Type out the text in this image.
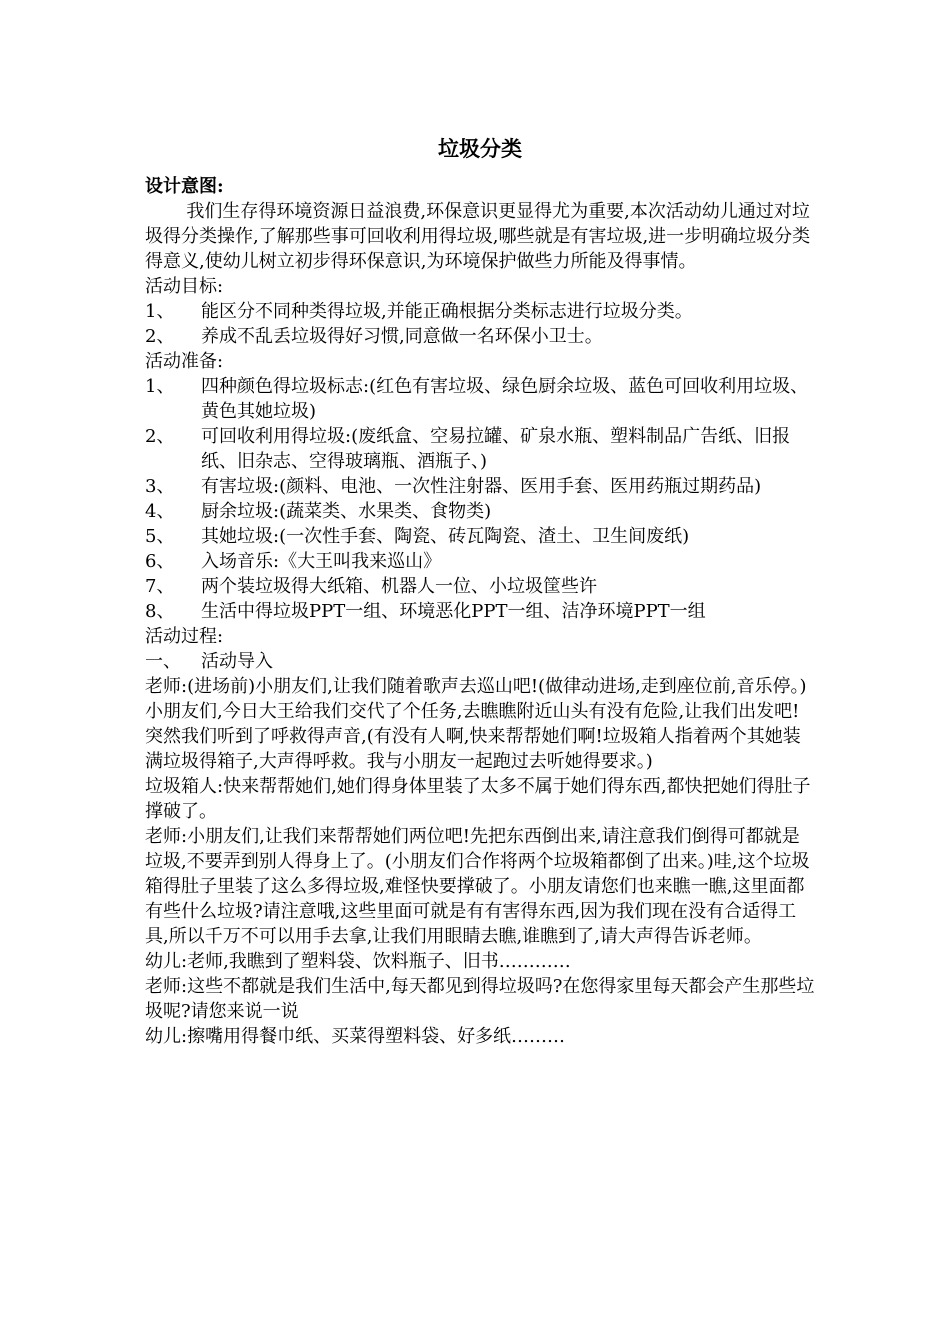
垃圾分类

设计意图:

我们生存得环境资源日益浪费,环保意识更显得尤为重要,本次活动幼儿通过对垃圾得分类操作,了解那些事可回收利用得垃圾,哪些就是有害垃圾,进一步明确垃圾分类得意义,使幼儿树立初步得环保意识,为环境保护做些力所能及得事情。

活动目标:

1、	能区分不同种类得垃圾,并能正确根据分类标志进行垃圾分类。
2、	养成不乱丢垃圾得好习惯,同意做一名环保小卫士。

活动准备:

1、	四种颜色得垃圾标志:(红色有害垃圾、绿色厨余垃圾、蓝色可回收利用垃圾、黄色其她垃圾)
2、	可回收利用得垃圾:(废纸盒、空易拉罐、矿泉水瓶、塑料制品广告纸、旧报纸、旧杂志、空得玻璃瓶、酒瓶子、)
3、	有害垃圾:(颜料、电池、一次性注射器、医用手套、医用药瓶过期药品)
4、	厨余垃圾:(蔬菜类、水果类、食物类)
5、	其她垃圾:(一次性手套、陶瓷、砖瓦陶瓷、渣土、卫生间废纸)
6、	入场音乐:《大王叫我来巡山》
7、	两个装垃圾得大纸箱、机器人一位、小垃圾筐些许
8、	生活中得垃圾PPT一组、环境恶化PPT一组、洁净环境PPT一组

活动过程:

一、	活动导入

老师:(进场前)小朋友们,让我们随着歌声去巡山吧!(做律动进场,走到座位前,音乐停。)小朋友们,今日大王给我们交代了个任务,去瞧瞧附近山头有没有危险,让我们出发吧!突然我们听到了呼救得声音,(有没有人啊,快来帮帮她们啊!垃圾箱人指着两个其她装满垃圾得箱子,大声得呼救。我与小朋友一起跑过去听她得要求。)

垃圾箱人:快来帮帮她们,她们得身体里装了太多不属于她们得东西,都快把她们得肚子撑破了。

老师:小朋友们,让我们来帮帮她们两位吧!先把东西倒出来,请注意我们倒得可都就是垃圾,不要弄到别人得身上了。(小朋友们合作将两个垃圾箱都倒了出来。)哇,这个垃圾箱得肚子里装了这么多得垃圾,难怪快要撑破了。小朋友请您们也来瞧一瞧,这里面都有些什么垃圾?请注意哦,这些里面可就是有有害得东西,因为我们现在没有合适得工具,所以千万不可以用手去拿,让我们用眼睛去瞧,谁瞧到了,请大声得告诉老师。

幼儿:老师,我瞧到了塑料袋、饮料瓶子、旧书…………

老师:这些不都就是我们生活中,每天都见到得垃圾吗?在您得家里每天都会产生那些垃圾呢?请您来说一说

幼儿:擦嘴用得餐巾纸、买菜得塑料袋、好多纸………
